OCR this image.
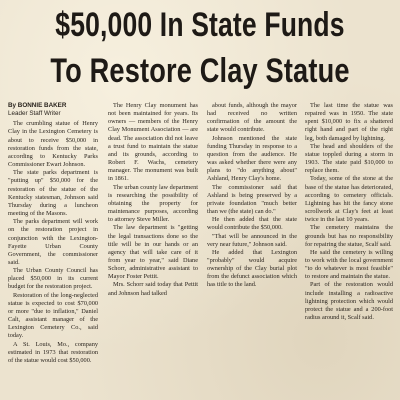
$50,000 In State Funds
To Restore Clay Statue

By BONNIE BAKER

Leader Staff Writer

The crumbling statue of Henry Clay in the Lexington Cemetery is about to receive $50,000 in restoration funds from the state, according to Kentucky Parks Commissioner Ewart Johnson.

The state parks department is "putting up" $50,000 for the restoration of the statue of the Kentucky statesman, Johnson said Thursday during a luncheon meeting of the Masons.

The parks department will work on the restoration project in conjunction with the Lexington-Fayette Urban County Government, the commissioner said.

The Urban County Council has placed $50,000 in its current budget for the restoration project.

Restoration of the long-neglected statue is expected to cost $70,000 or more "due to inflation," Daniel Calt, assistant manager of the Lexington Cemetery Co., said today.

A St. Louis, Mo., company estimated in 1973 that restoration of the statue would cost $50,000.

The Henry Clay monument has not been maintained for years. Its owners — members of the Henry Clay Monument Association — are dead. The association did not leave a trust fund to maintain the statue and its grounds, according to Robert F. Wachs, cemetery manager. The monument was built in 1861.

The urban county law department is researching the possibility of obtaining the property for maintenance purposes, according to attorney Steve Miller.

The law department is "getting the legal transactions done so the title will be in our hands or an agency that will take care of it from year to year," said Diane Schorr, administrative assistant to Mayor Foster Pettit.

Mrs. Schorr said today that Pettit and Johnson had talked

about funds, although the mayor had received no written confirmation of the amount the state would contribute.

Johnson mentioned the state funding Thursday in response to a question from the audience. He was asked whether there were any plans to "do anything about" Ashland, Henry Clay's home.

The commissioner said that Ashland is being preserved by a private foundation "much better than we (the state) can do."

He then added that the state would contribute the $50,000.

"That will be announced in the very near future," Johnson said.

He added that Lexington "probably" would acquire ownership of the Clay burial plot from the defunct association which has title to the land.

The last time the statue was repaired was in 1950. The state spent $10,000 to fix a shattered right hand and part of the right leg, both damaged by lightning.

The head and shoulders of the statue toppled during a storm in 1903. The state paid $10,000 to replace them.

Today, some of the stone at the base of the statue has deteriorated, according to cemetery officials. Lightning has hit the fancy stone scrollwork at Clay's feet at least twice in the last 10 years.

The cemetery maintains the grounds but has no responsibility for repairing the statue, Scalf said.

He said the cemetery is willing to work with the local government "to do whatever is most feasible" to restore and maintain the statue.

Part of the restoration would include installing a radioactive lightning protection which would protect the statue and a 200-foot radius around it, Scalf said.
